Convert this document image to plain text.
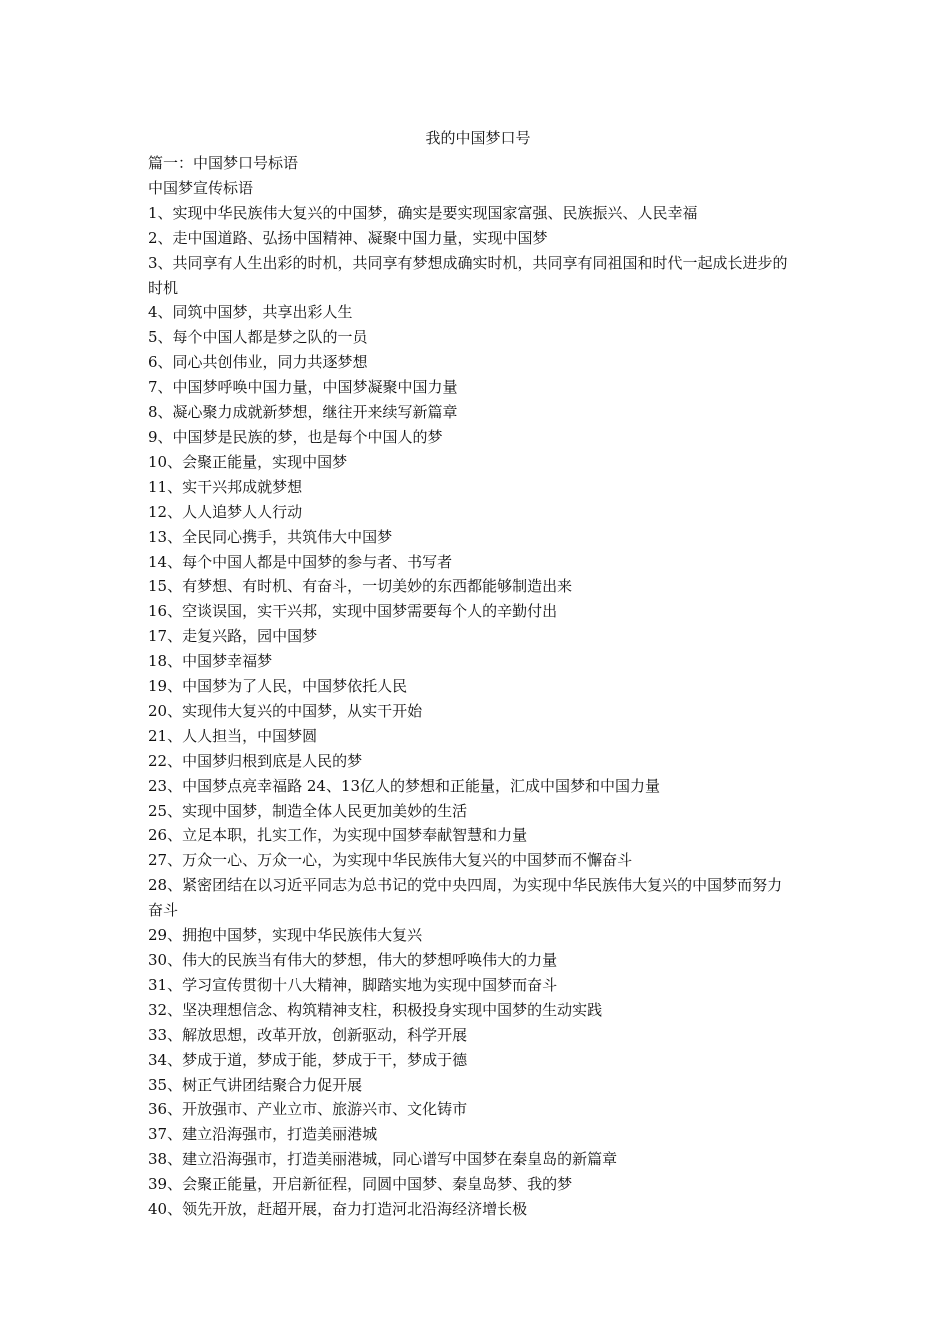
我的中国梦口号
篇一：中国梦口号标语
中国梦宣传标语
1、实现中华民族伟大复兴的中国梦，确实是要实现国家富强、民族振兴、人民幸福
2、走中国道路、弘扬中国精神、凝聚中国力量，实现中国梦
3、共同享有人生出彩的时机，共同享有梦想成确实时机，共同享有同祖国和时代一起成长进步的时机
4、同筑中国梦，共享出彩人生
5、每个中国人都是梦之队的一员
6、同心共创伟业，同力共逐梦想
7、中国梦呼唤中国力量，中国梦凝聚中国力量
8、凝心聚力成就新梦想，继往开来续写新篇章
9、中国梦是民族的梦，也是每个中国人的梦
10、会聚正能量，实现中国梦
11、实干兴邦成就梦想
12、人人追梦人人行动
13、全民同心携手，共筑伟大中国梦
14、每个中国人都是中国梦的参与者、书写者
15、有梦想、有时机、有奋斗，一切美妙的东西都能够制造出来
16、空谈误国，实干兴邦，实现中国梦需要每个人的辛勤付出
17、走复兴路，园中国梦
18、中国梦幸福梦
19、中国梦为了人民，中国梦依托人民
20、实现伟大复兴的中国梦，从实干开始
21、人人担当，中国梦圆
22、中国梦归根到底是人民的梦
23、中国梦点亮幸福路 24、13亿人的梦想和正能量，汇成中国梦和中国力量
25、实现中国梦，制造全体人民更加美妙的生活
26、立足本职，扎实工作，为实现中国梦奉献智慧和力量
27、万众一心、万众一心，为实现中华民族伟大复兴的中国梦而不懈奋斗
28、紧密团结在以习近平同志为总书记的党中央四周，为实现中华民族伟大复兴的中国梦而努力奋斗
29、拥抱中国梦，实现中华民族伟大复兴
30、伟大的民族当有伟大的梦想，伟大的梦想呼唤伟大的力量
31、学习宣传贯彻十八大精神，脚踏实地为实现中国梦而奋斗
32、坚决理想信念、构筑精神支柱，积极投身实现中国梦的生动实践
33、解放思想，改革开放，创新驱动，科学开展
34、梦成于道，梦成于能，梦成于干，梦成于德
35、树正气讲团结聚合力促开展
36、开放强市、产业立市、旅游兴市、文化铸市
37、建立沿海强市，打造美丽港城
38、建立沿海强市，打造美丽港城，同心谱写中国梦在秦皇岛的新篇章
39、会聚正能量，开启新征程，同圆中国梦、秦皇岛梦、我的梦
40、领先开放，赶超开展，奋力打造河北沿海经济增长极
